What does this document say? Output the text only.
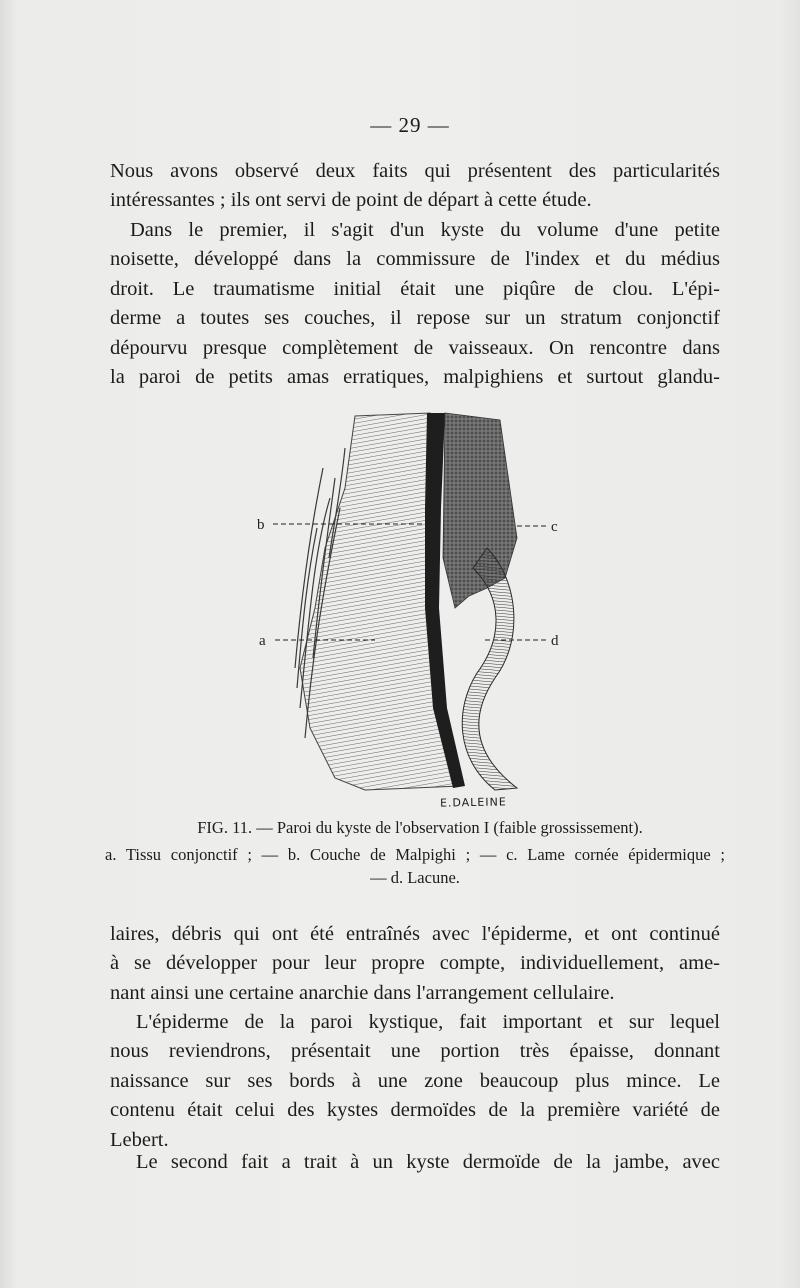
— 29 —

Nous avons observé deux faits qui présentent des particularités
intéressantes ; ils ont servi de point de départ à cette étude.

Dans le premier, il s'agit d'un kyste du volume d'une petite
noisette, développé dans la commissure de l'index et du médius
droit. Le traumatisme initial était une piqûre de clou. L'épi-
derme a toutes ses couches, il repose sur un stratum conjonctif
dépourvu presque complètement de vaisseaux. On rencontre dans
la paroi de petits amas erratiques, malpighiens et surtout glandu-

b	c
a	d
E.DALEINE

FIG. 11. — Paroi du kyste de l'observation I (faible grossissement).

a. Tissu conjonctif ; — b. Couche de Malpighi ; — c. Lame cornée épidermique ;

— d. Lacune.

laires, débris qui ont été entraînés avec l'épiderme, et ont continué
à se développer pour leur propre compte, individuellement, ame-
nant ainsi une certaine anarchie dans l'arrangement cellulaire.

L'épiderme de la paroi kystique, fait important et sur lequel
nous reviendrons, présentait une portion très épaisse, donnant
naissance sur ses bords à une zone beaucoup plus mince. Le
contenu était celui des kystes dermoïdes de la première variété de
Lebert.

Le second fait a trait à un kyste dermoïde de la jambe, avec
